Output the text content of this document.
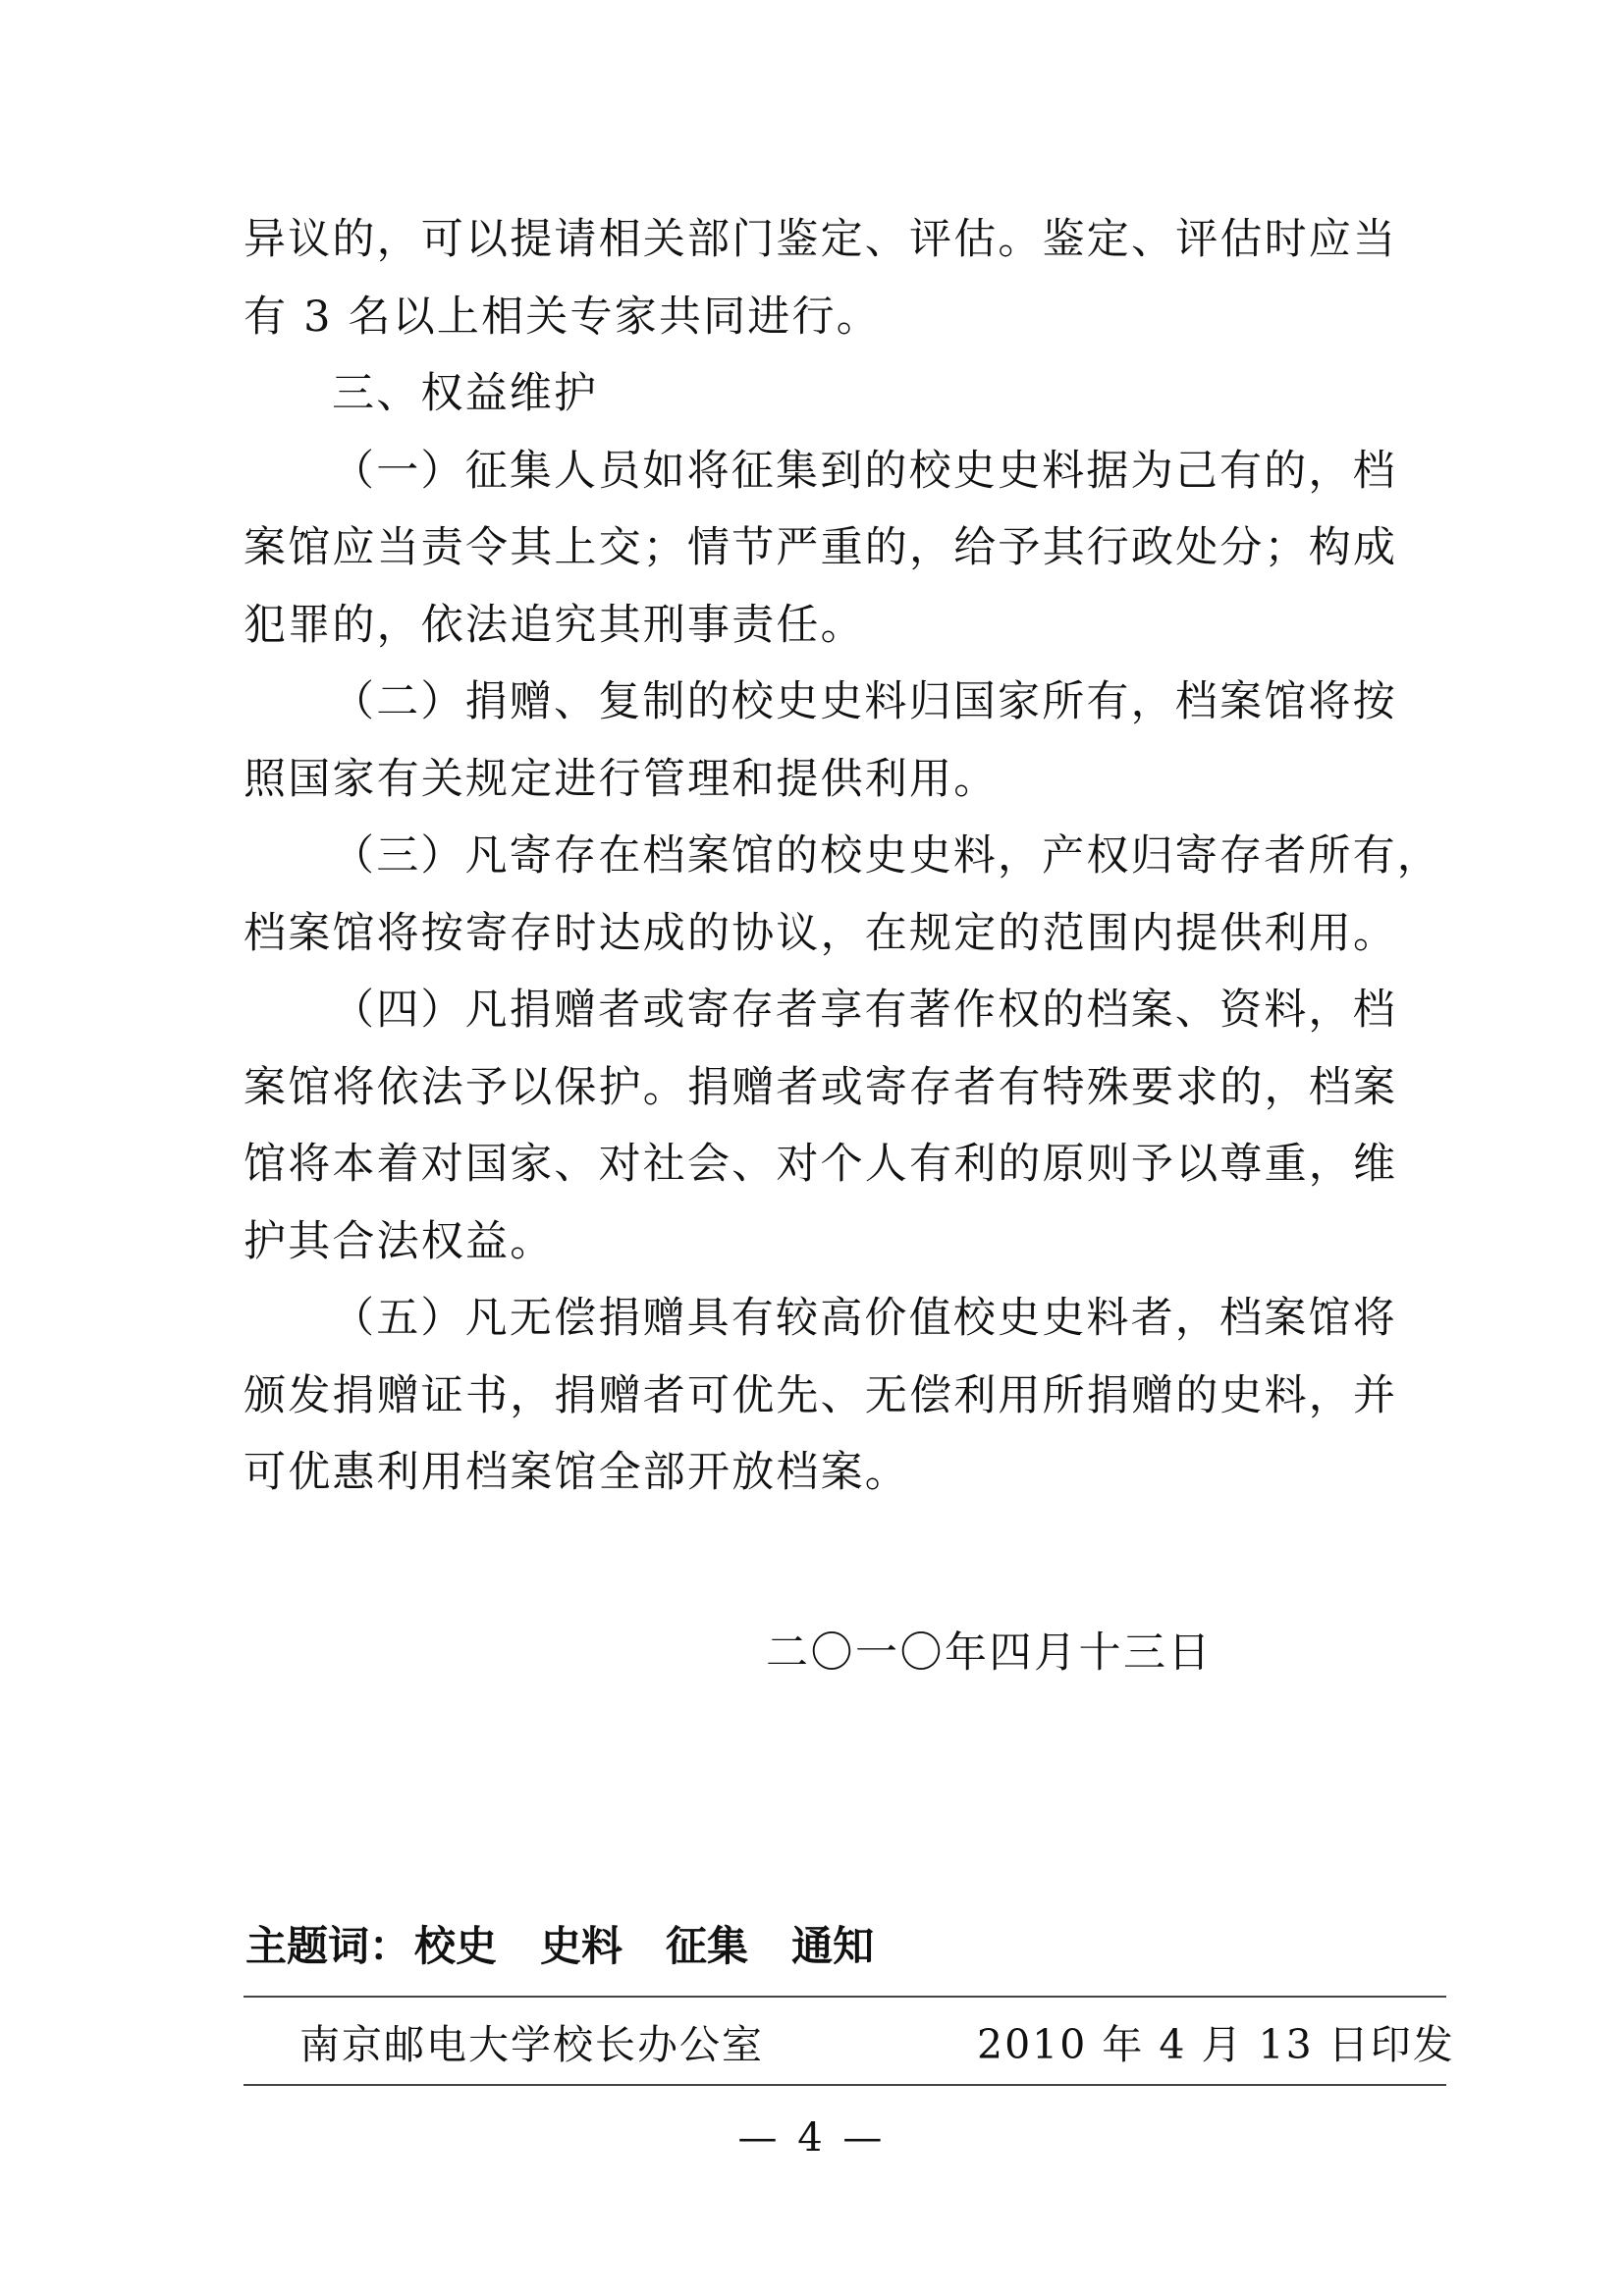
异议的，可以提请相关部门鉴定、评估。鉴定、评估时应当
有 3 名以上相关专家共同进行。
三、权益维护
（一）征集人员如将征集到的校史史料据为己有的，档
案馆应当责令其上交；情节严重的，给予其行政处分；构成
犯罪的，依法追究其刑事责任。
（二）捐赠、复制的校史史料归国家所有，档案馆将按
照国家有关规定进行管理和提供利用。
（三）凡寄存在档案馆的校史史料，产权归寄存者所有，
档案馆将按寄存时达成的协议，在规定的范围内提供利用。
（四）凡捐赠者或寄存者享有著作权的档案、资料，档
案馆将依法予以保护。捐赠者或寄存者有特殊要求的，档案
馆将本着对国家、对社会、对个人有利的原则予以尊重，维
护其合法权益。
（五）凡无偿捐赠具有较高价值校史史料者，档案馆将
颁发捐赠证书，捐赠者可优先、无偿利用所捐赠的史料，并
可优惠利用档案馆全部开放档案。
二〇一〇年四月十三日
主题词：校史 史料 征集 通知
南京邮电大学校长办公室	2010 年 4 月 13 日印发
— 4 —
